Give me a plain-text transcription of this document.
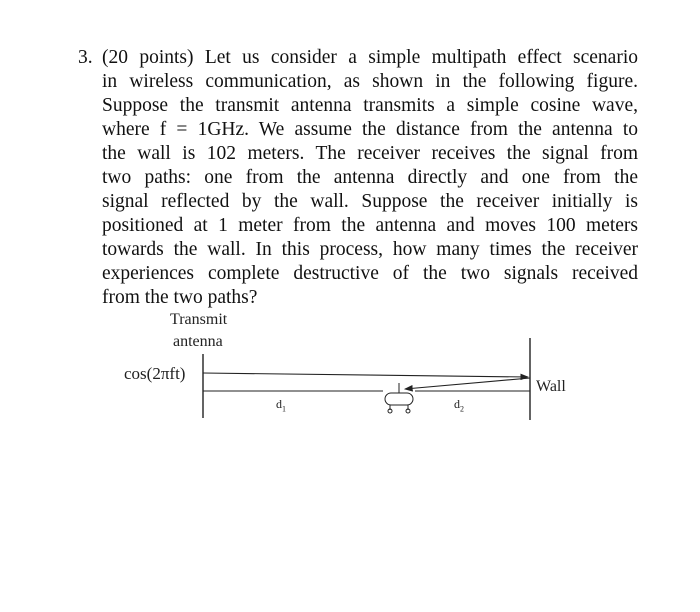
3. (20 points) Let us consider a simple multipath effect scenario
in wireless communication, as shown in the following figure.
Suppose the transmit antenna transmits a simple cosine wave,
where f = 1GHz. We assume the distance from the antenna to
the wall is 102 meters. The receiver receives the signal from
two paths: one from the antenna directly and one from the
signal reflected by the wall. Suppose the receiver initially is
positioned at 1 meter from the antenna and moves 100 meters
towards the wall. In this process, how many times the receiver
experiences complete destructive of the two signals received
from the two paths?
Transmit
antenna
cos(2πft)
Wall
$d_1$	$d_2$
